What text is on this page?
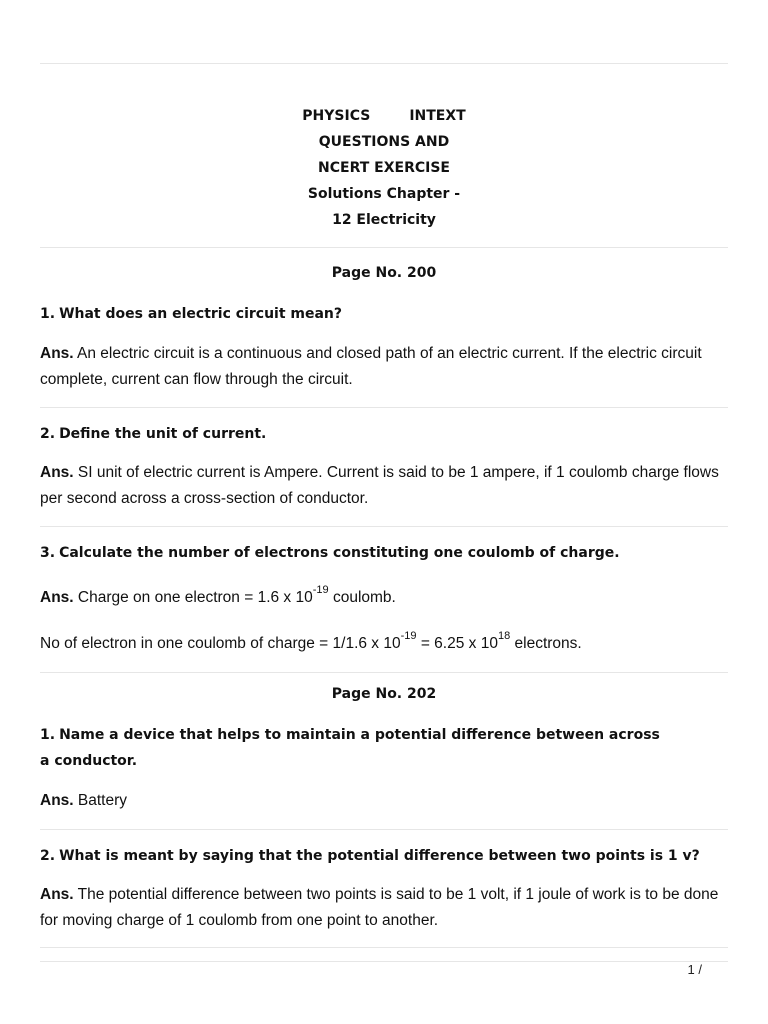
PHYSICS        INTEXT
QUESTIONS AND
NCERT EXERCISE
Solutions Chapter -
12 Electricity
Page No. 200
1. What does an electric circuit mean?
Ans. An electric circuit is a continuous and closed path of an electric current. If the electric circuit complete, current can flow through the circuit.
2. Define the unit of current.
Ans. SI unit of electric current is Ampere. Current is said to be 1 ampere, if 1 coulomb charge flows per second across a cross-section of conductor.
3. Calculate the number of electrons constituting one coulomb of charge.
Ans. Charge on one electron = 1.6 x $10^{-19}$ coulomb.
No of electron in one coulomb of charge = 1/1.6 x $10^{-19} = 6.25$ x $10^{18}$ electrons.
Page No. 202
1. Name a device that helps to maintain a potential difference between across
a conductor.
Ans. Battery
2. What is meant by saying that the potential difference between two points is 1 v?
Ans. The potential difference between two points is said to be 1 volt, if 1 joule of work is to be done for moving charge of 1 coulomb from one point to another.
1 /
